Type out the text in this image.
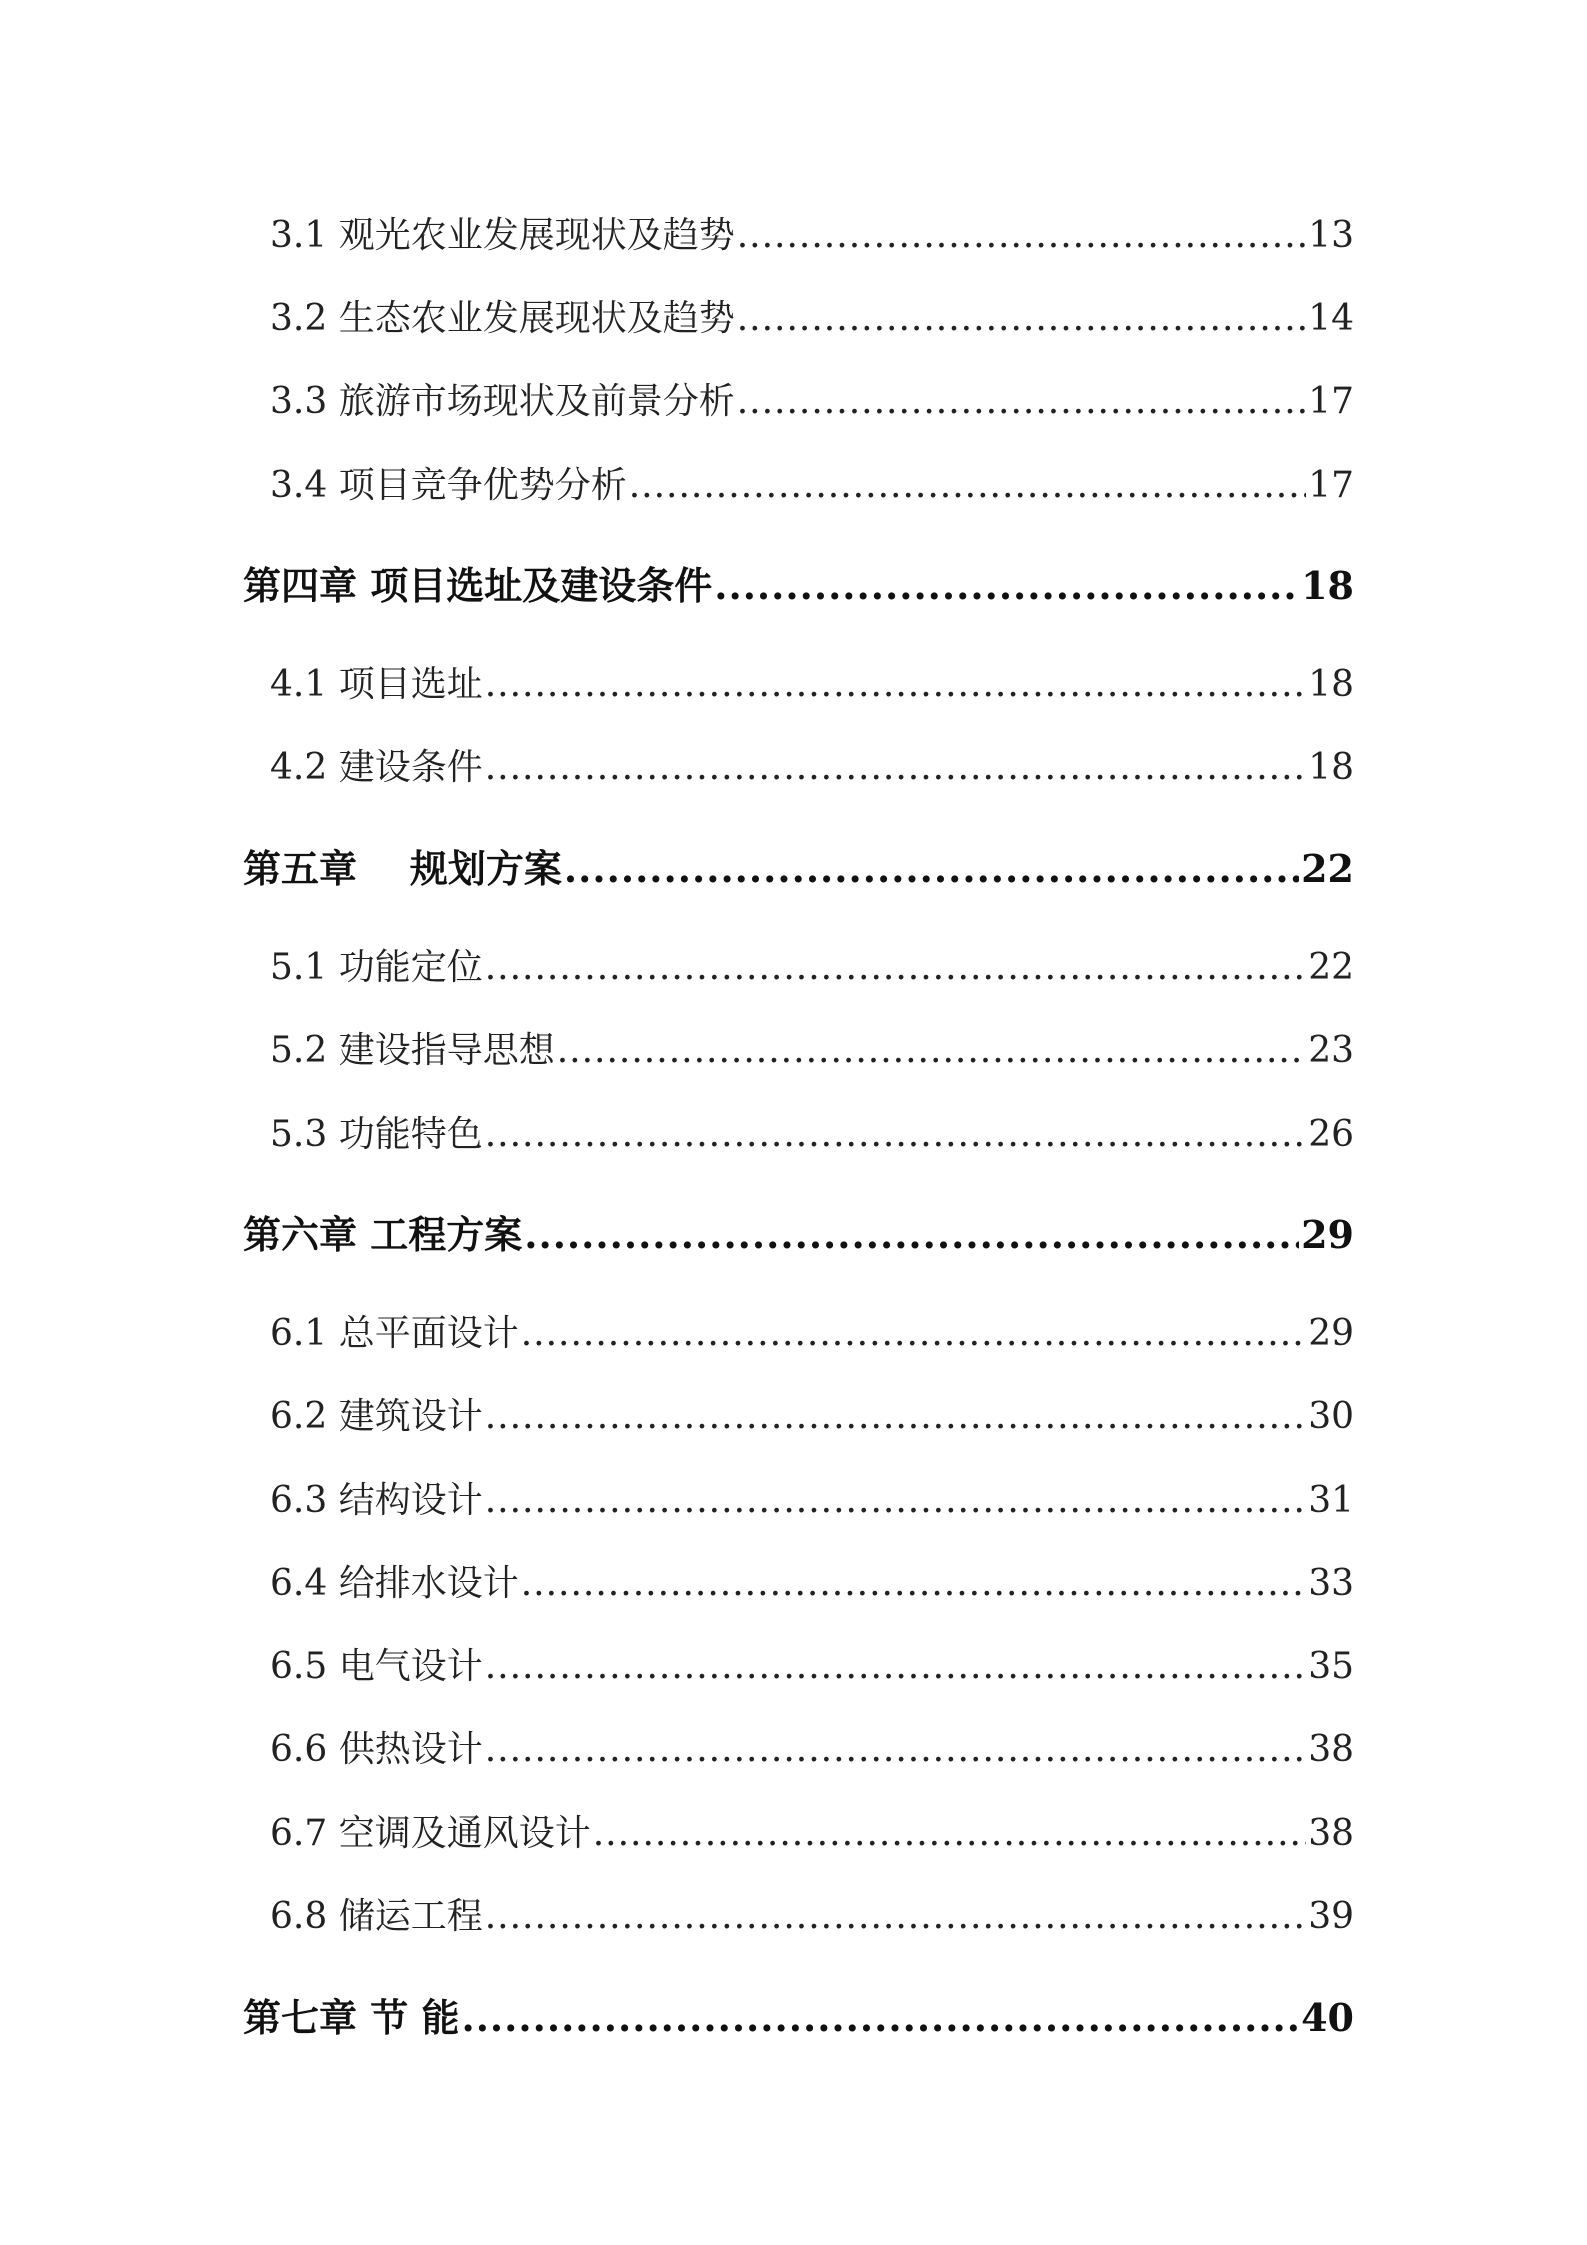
3.1 观光农业发展现状及趋势 .....	13
3.2 生态农业发展现状及趋势 .....	14
3.3 旅游市场现状及前景分析 .....	17
3.4 项目竞争优势分析 .....	17
第四章 项目选址及建设条件 .....	18
4.1 项目选址 .....	18
4.2 建设条件 .....	18
第五章    规划方案 .....	22
5.1 功能定位 .....	22
5.2 建设指导思想 .....	23
5.3 功能特色 .....	26
第六章 工程方案 .....	29
6.1 总平面设计 .....	29
6.2 建筑设计 .....	30
6.3 结构设计 .....	31
6.4 给排水设计 .....	33
6.5 电气设计 .....	35
6.6 供热设计 .....	38
6.7 空调及通风设计 .....	38
6.8 储运工程 .....	39
第七章 节 能 .....	40
